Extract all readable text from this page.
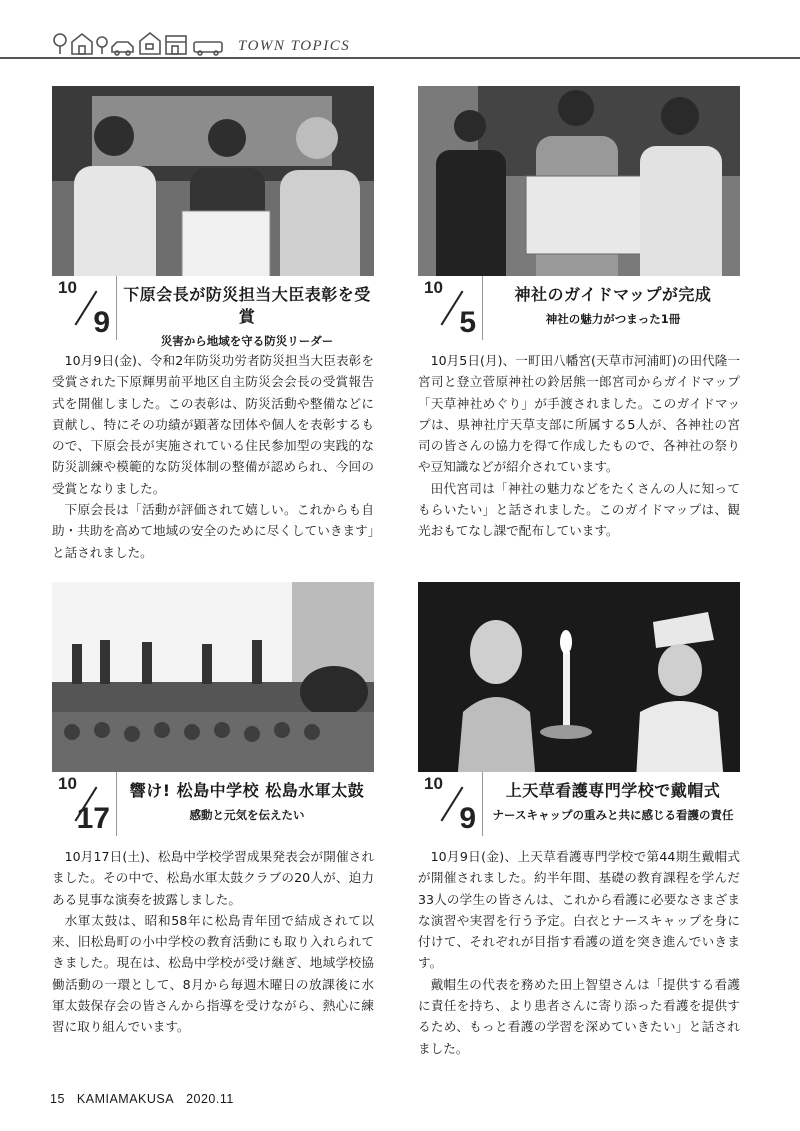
TOWN TOPICS
10
9
下原会長が防災担当大臣表彰を受賞
災害から地域を守る防災リーダー

10月9日(金)、令和2年防災功労者防災担当大臣表彰を受賞された下原輝男前平地区自主防災会会長の受賞報告式を開催しました。この表彰は、防災活動や整備などに貢献し、特にその功績が顕著な団体や個人を表彰するもので、下原会長が実施されている住民参加型の実践的な防災訓練や模範的な防災体制の整備が認められ、今回の受賞となりました。

下原会長は「活動が評価されて嬉しい。これからも自助・共助を高めて地域の安全のために尽くしていきます」と話されました。

10
5
神社のガイドマップが完成
神社の魅力がつまった1冊

10月5日(月)、一町田八幡宮(天草市河浦町)の田代隆一宮司と登立菅原神社の鈴居熊一郎宮司からガイドマップ「天草神社めぐり」が手渡されました。このガイドマップは、県神社庁天草支部に所属する5人が、各神社の宮司の皆さんの協力を得て作成したもので、各神社の祭りや豆知識などが紹介されています。

田代宮司は「神社の魅力などをたくさんの人に知ってもらいたい」と話されました。このガイドマップは、観光おもてなし課で配布しています。

10
17
響け! 松島中学校 松島水軍太鼓
感動と元気を伝えたい

10月17日(土)、松島中学校学習成果発表会が開催されました。その中で、松島水軍太鼓クラブの20人が、迫力ある見事な演奏を披露しました。

水軍太鼓は、昭和58年に松島青年団で結成されて以来、旧松島町の小中学校の教育活動にも取り入れられてきました。現在は、松島中学校が受け継ぎ、地域学校協働活動の一環として、8月から毎週木曜日の放課後に水軍太鼓保存会の皆さんから指導を受けながら、熱心に練習に取り組んでいます。

10
9
上天草看護専門学校で戴帽式
ナースキャップの重みと共に感じる看護の責任

10月9日(金)、上天草看護専門学校で第44期生戴帽式が開催されました。約半年間、基礎の教育課程を学んだ33人の学生の皆さんは、これから看護に必要なさまざまな演習や実習を行う予定。白衣とナースキャップを身に付けて、それぞれが目指す看護の道を突き進んでいきます。

戴帽生の代表を務めた田上智望さんは「提供する看護に責任を持ち、より患者さんに寄り添った看護を提供するため、もっと看護の学習を深めていきたい」と話されました。

15 KAMIAMAKUSA 2020.11
